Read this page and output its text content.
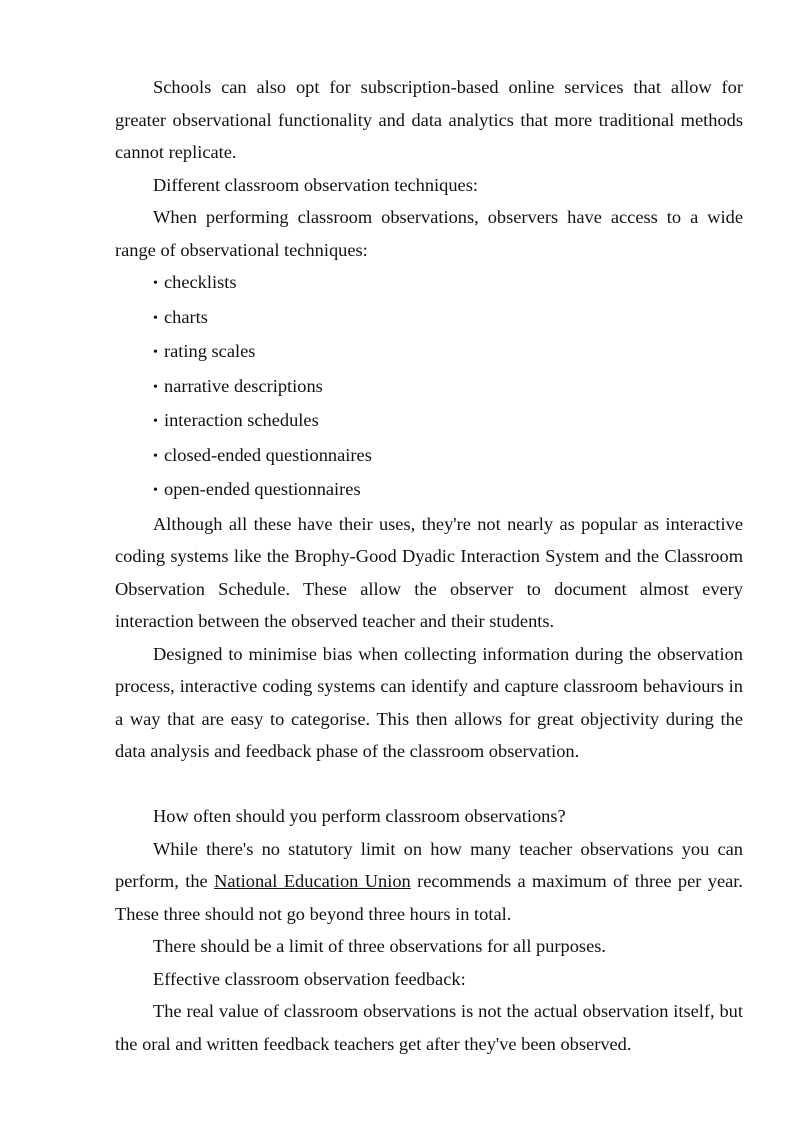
Schools can also opt for subscription-based online services that allow for greater observational functionality and data analytics that more traditional methods cannot replicate.

Different classroom observation techniques:

When performing classroom observations, observers have access to a wide range of observational techniques:

• checklists
• charts
• rating scales
• narrative descriptions
• interaction schedules
• closed-ended questionnaires
• open-ended questionnaires

Although all these have their uses, they're not nearly as popular as interactive coding systems like the Brophy-Good Dyadic Interaction System and the Classroom Observation Schedule. These allow the observer to document almost every interaction between the observed teacher and their students.

Designed to minimise bias when collecting information during the observation process, interactive coding systems can identify and capture classroom behaviours in a way that are easy to categorise. This then allows for great objectivity during the data analysis and feedback phase of the classroom observation.

How often should you perform classroom observations?

While there's no statutory limit on how many teacher observations you can perform, the National Education Union recommends a maximum of three per year. These three should not go beyond three hours in total.

There should be a limit of three observations for all purposes.

Effective classroom observation feedback:

The real value of classroom observations is not the actual observation itself, but the oral and written feedback teachers get after they've been observed.
